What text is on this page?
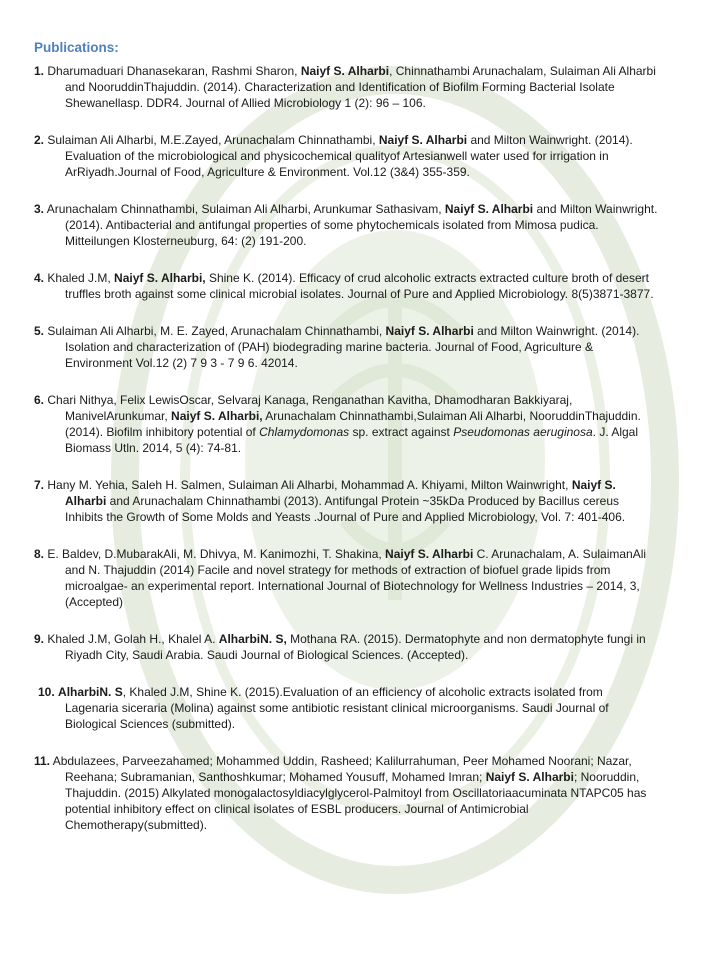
Publications:
1. Dharumaduari Dhanasekaran, Rashmi Sharon, Naiyf S. Alharbi, Chinnathambi Arunachalam, Sulaiman Ali Alharbi and NooruddinThajuddin. (2014). Characterization and Identification of Biofilm Forming Bacterial Isolate Shewanellasp. DDR4. Journal of Allied Microbiology 1 (2): 96 – 106.
2. Sulaiman Ali Alharbi, M.E.Zayed, Arunachalam Chinnathambi, Naiyf S. Alharbi and Milton Wainwright. (2014). Evaluation of the microbiological and physicochemical qualityof Artesianwell water used for irrigation in ArRiyadh.Journal of Food, Agriculture & Environment. Vol.12 (3&4) 355-359.
3. Arunachalam Chinnathambi, Sulaiman Ali Alharbi, Arunkumar Sathasivam, Naiyf S. Alharbi and Milton Wainwright. (2014). Antibacterial and antifungal properties of some phytochemicals isolated from Mimosa pudica. Mitteilungen Klosterneuburg, 64: (2) 191-200.
4. Khaled J.M, Naiyf S. Alharbi, Shine K. (2014). Efficacy of crud alcoholic extracts extracted culture broth of desert truffles broth against some clinical microbial isolates. Journal of Pure and Applied Microbiology. 8(5)3871-3877.
5. Sulaiman Ali Alharbi, M. E. Zayed, Arunachalam Chinnathambi, Naiyf S. Alharbi and Milton Wainwright. (2014). Isolation and characterization of (PAH) biodegrading marine bacteria. Journal of Food, Agriculture & Environment Vol.12 (2) 7 9 3 - 7 9 6. 42014.
6. Chari Nithya, Felix LewisOscar, Selvaraj Kanaga, Renganathan Kavitha, Dhamodharan Bakkiyaraj, ManivelArunkumar, Naiyf S. Alharbi, Arunachalam Chinnathambi,Sulaiman Ali Alharbi, NooruddinThajuddin. (2014). Biofilm inhibitory potential of Chlamydomonas sp. extract against Pseudomonas aeruginosa. J. Algal Biomass Utln. 2014, 5 (4): 74-81.
7. Hany M. Yehia, Saleh H. Salmen, Sulaiman Ali Alharbi, Mohammad A. Khiyami, Milton Wainwright, Naiyf S. Alharbi and Arunachalam Chinnathambi (2013). Antifungal Protein ~35kDa Produced by Bacillus cereus Inhibits the Growth of Some Molds and Yeasts .Journal of Pure and Applied Microbiology, Vol. 7: 401-406.
8. E. Baldev, D.MubarakAli, M. Dhivya, M. Kanimozhi, T. Shakina, Naiyf S. Alharbi C. Arunachalam, A. SulaimanAli and N. Thajuddin (2014) Facile and novel strategy for methods of extraction of biofuel grade lipids from microalgae- an experimental report. International Journal of Biotechnology for Wellness Industries – 2014, 3, (Accepted)
9. Khaled J.M, Golah H., Khalel A. AlharbiN. S, Mothana RA. (2015). Dermatophyte and non dermatophyte fungi in Riyadh City, Saudi Arabia. Saudi Journal of Biological Sciences. (Accepted).
10. AlharbiN. S, Khaled J.M, Shine K. (2015).Evaluation of an efficiency of alcoholic extracts isolated from Lagenaria siceraria (Molina) against some antibiotic resistant clinical microorganisms. Saudi Journal of Biological Sciences (submitted).
11. Abdulazees, Parveezahamed; Mohammed Uddin, Rasheed; Kalilurrahuman, Peer Mohamed Noorani; Nazar, Reehana; Subramanian, Santhoshkumar; Mohamed Yousuff, Mohamed Imran; Naiyf S. Alharbi; Nooruddin, Thajuddin. (2015) Alkylated monogalactosyldiacylglycerol-Palmitoyl from Oscillatoriaacuminata NTAPC05 has potential inhibitory effect on clinical isolates of ESBL producers. Journal of Antimicrobial Chemotherapy(submitted).
